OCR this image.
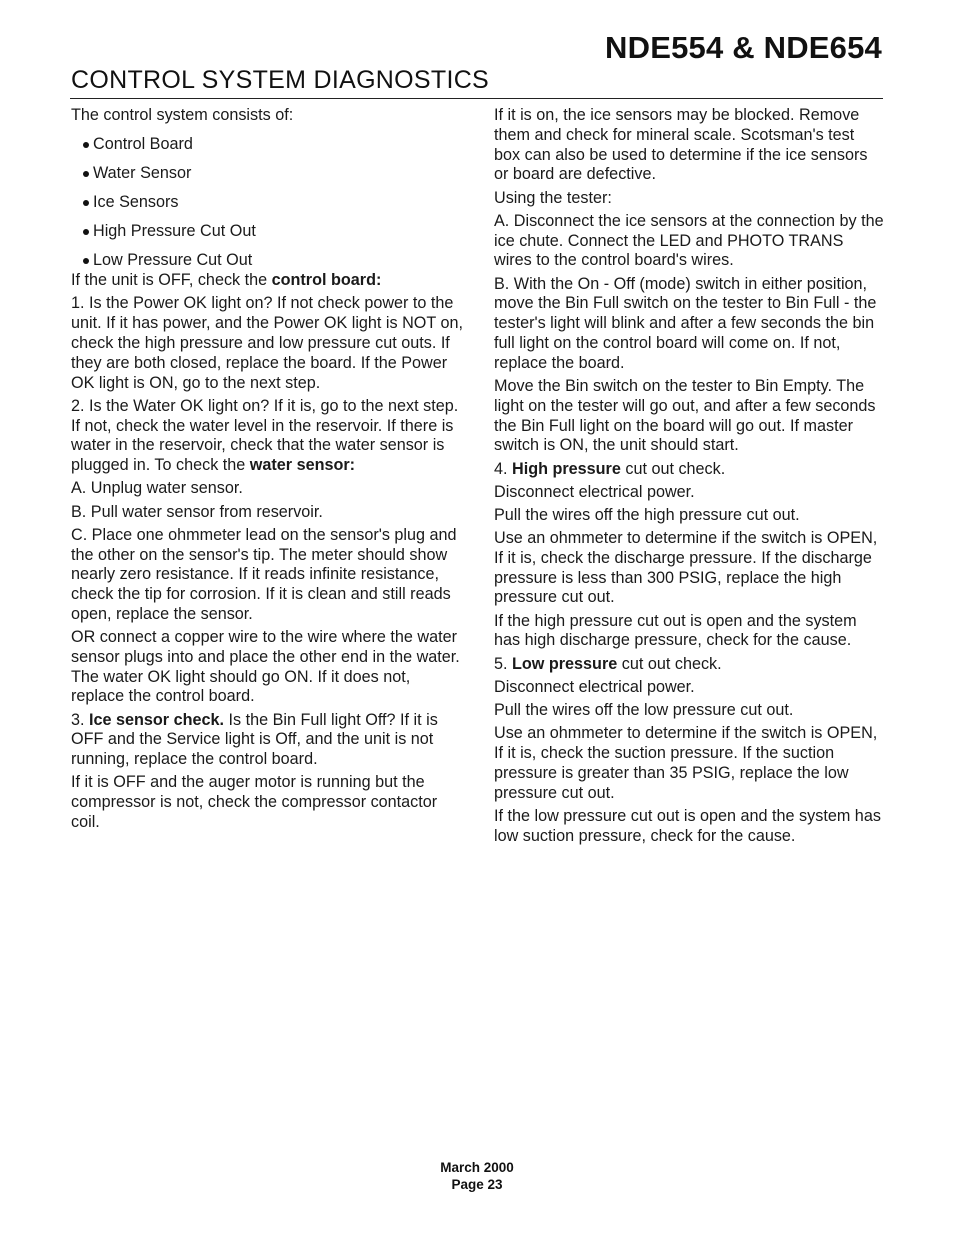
NDE554 & NDE654
CONTROL SYSTEM DIAGNOSTICS

The control system consists of:

Control Board
Water Sensor
Ice Sensors
High Pressure Cut Out
Low Pressure Cut Out

If the unit is OFF, check the control board:

1. Is the Power OK light on? If not check power to the unit. If it has power, and the Power OK light is NOT on, check the high pressure and low pressure cut outs. If they are both closed, replace the board. If the Power OK light is ON, go to the next step.

2. Is the Water OK light on? If it is, go to the next step. If not, check the water level in the reservoir. If there is water in the reservoir, check that the water sensor is plugged in. To check the water sensor:

A. Unplug water sensor.

B. Pull water sensor from reservoir.

C. Place one ohmmeter lead on the sensor's plug and the other on the sensor's tip. The meter should show nearly zero resistance. If it reads infinite resistance, check the tip for corrosion. If it is clean and still reads open, replace the sensor.

OR connect a copper wire to the wire where the water sensor plugs into and place the other end in the water. The water OK light should go ON. If it does not, replace the control board.

3. Ice sensor check. Is the Bin Full light Off? If it is OFF and the Service light is Off, and the unit is not running, replace the control board.

If it is OFF and the auger motor is running but the compressor is not, check the compressor contactor coil.

If it is on, the ice sensors may be blocked. Remove them and check for mineral scale. Scotsman's test box can also be used to determine if the ice sensors or board are defective.

Using the tester:

A. Disconnect the ice sensors at the connection by the ice chute. Connect the LED and PHOTO TRANS wires to the control board's wires.

B. With the On - Off (mode) switch in either position, move the Bin Full switch on the tester to Bin Full - the tester's light will blink and after a few seconds the bin full light on the control board will come on. If not, replace the board.

Move the Bin switch on the tester to Bin Empty. The light on the tester will go out, and after a few seconds the Bin Full light on the board will go out. If master switch is ON, the unit should start.

4. High pressure cut out check.

Disconnect electrical power.

Pull the wires off the high pressure cut out.

Use an ohmmeter to determine if the switch is OPEN, If it is, check the discharge pressure. If the discharge pressure is less than 300 PSIG, replace the high pressure cut out.

If the high pressure cut out is open and the system has high discharge pressure, check for the cause.

5. Low pressure cut out check.

Disconnect electrical power.

Pull the wires off the low pressure cut out.

Use an ohmmeter to determine if the switch is OPEN, If it is, check the suction pressure. If the suction pressure is greater than 35 PSIG, replace the low pressure cut out.

If the low pressure cut out is open and the system has low suction pressure, check for the cause.

March 2000
Page 23
